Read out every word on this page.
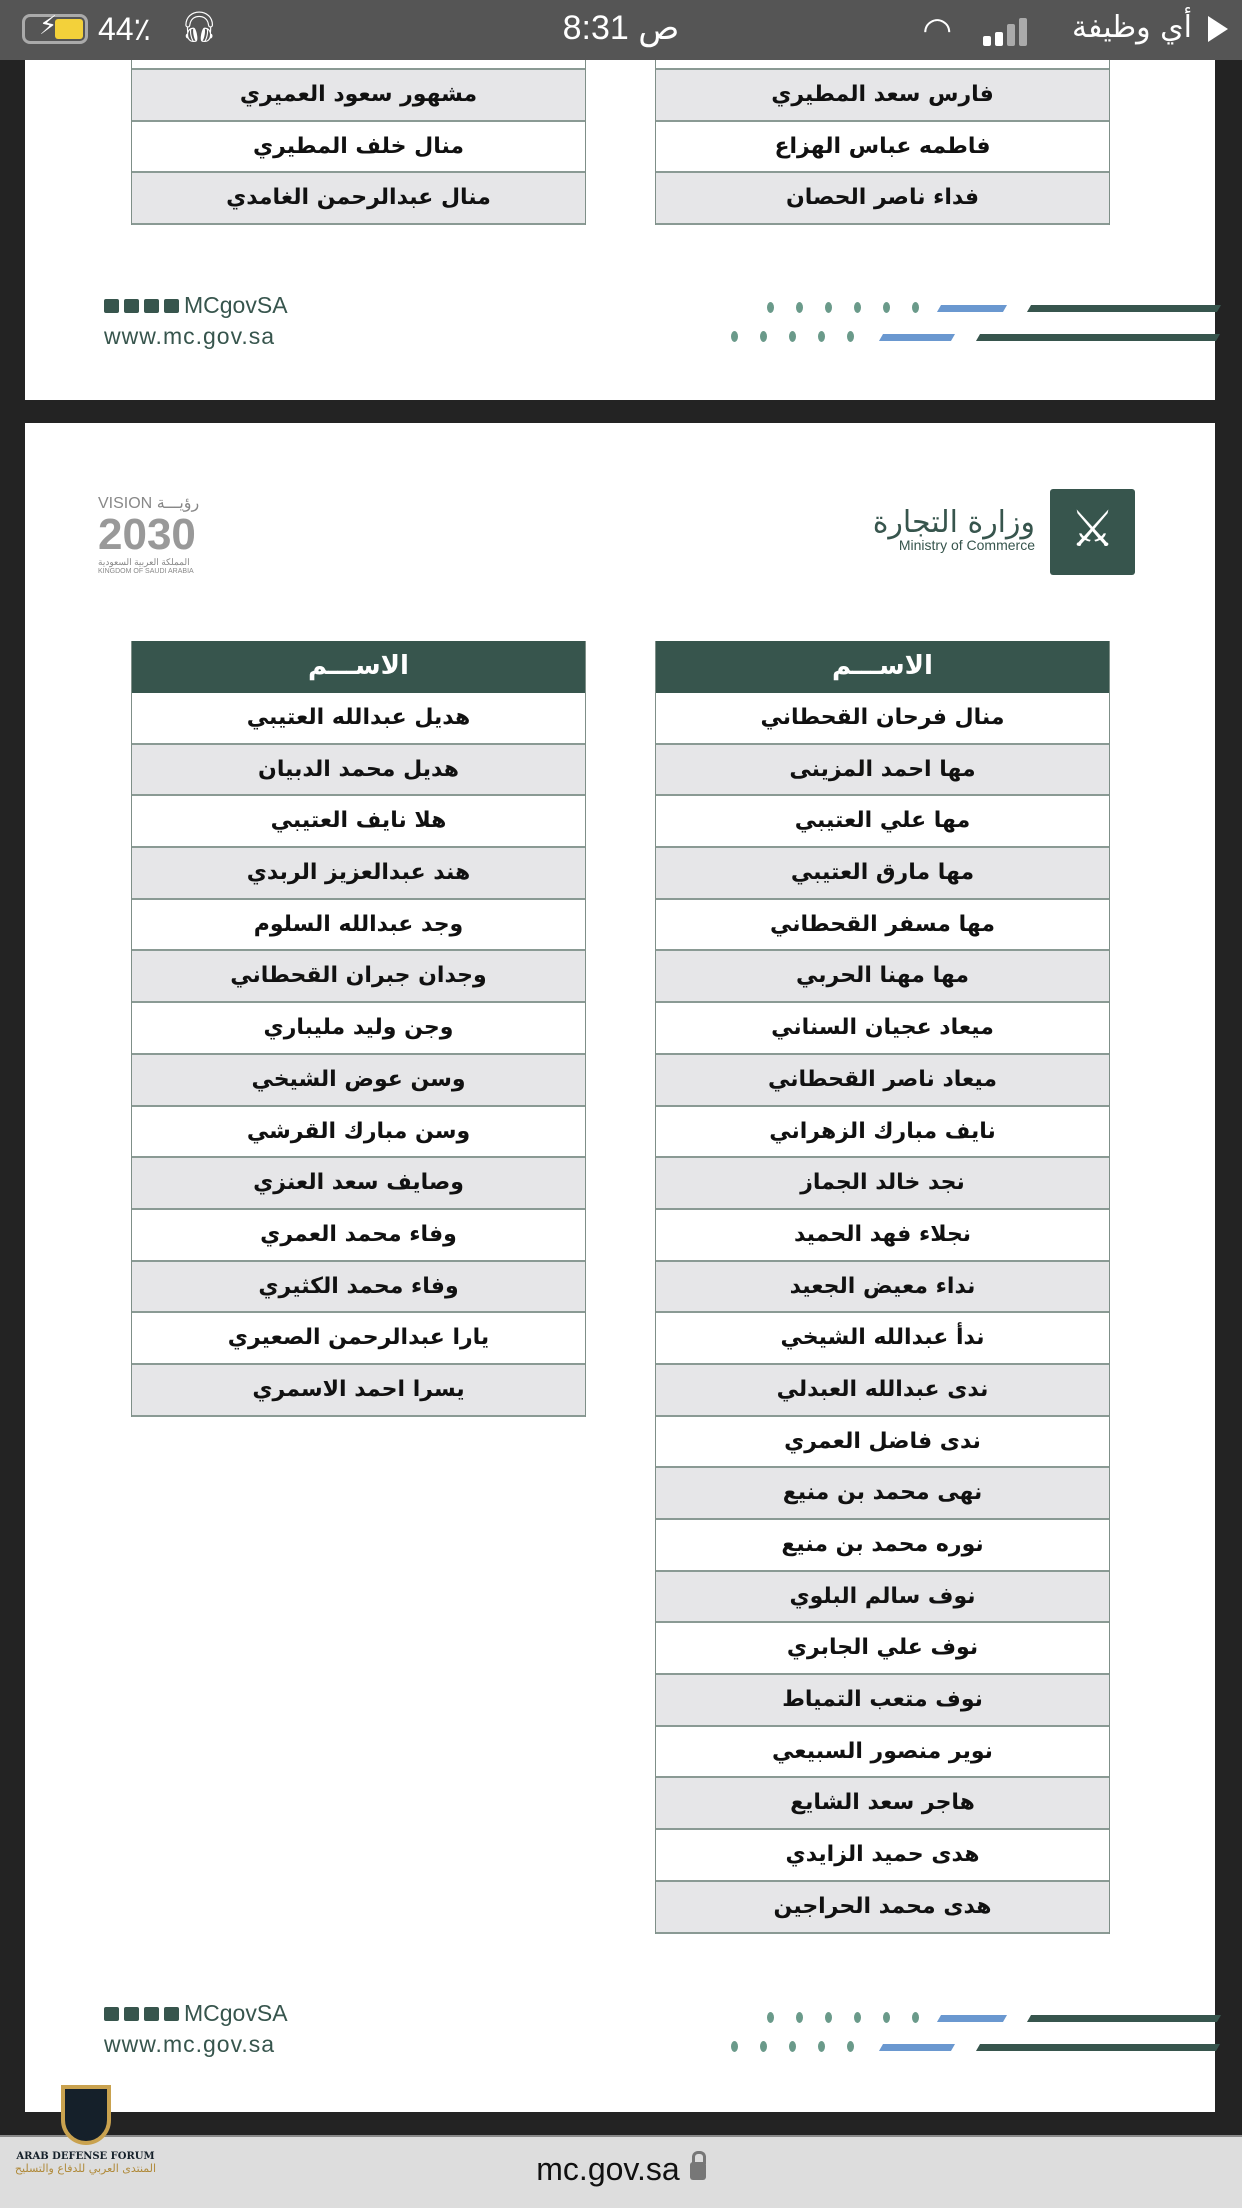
⚡ 44٪ 🎧︎	8:31 ص	◠	أي وظيفة
مشهور سعود العميري
منال خلف المطيري
منال عبدالرحمن الغامدي
فارس سعد المطيري
فاطمه عباس الهزاع
فداء ناصر الحصان
MCgovSA
www.mc.gov.sa
⚔
وزارة التجارة
Ministry of Commerce
VISION رؤيـــة
2030
المملكة العربية السعودية
KINGDOM OF SAUDI ARABIA
الاســـم
هديل عبدالله العتيبي
هديل محمد الدبيان
هلا نايف العتيبي
هند عبدالعزيز الربدي
وجد عبدالله السلوم
وجدان جبران القحطاني
وجن وليد مليباري
وسن عوض الشيخي
وسن مبارك القرشي
وصايف سعد العنزي
وفاء محمد العمري
وفاء محمد الكثيري
يارا عبدالرحمن الصعيري
يسرا احمد الاسمري
الاســـم
منال فرحان القحطاني
مها احمد المزينى
مها علي العتيبي
مها مارق العتيبي
مها مسفر القحطاني
مها مهنا الحربي
ميعاد عجيان السناني
ميعاد ناصر القحطاني
نايف مبارك الزهراني
نجد خالد الجماز
نجلاء فهد الحميد
نداء معيض الجعيد
ندأ عبدالله الشيخي
ندى عبدالله العبدلي
ندى فاضل العمري
نهى محمد بن منيع
نوره محمد بن منيع
نوف سالم البلوي
نوف علي الجابري
نوف متعب التمياط
نوير منصور السبيعي
هاجر سعد الشايع
هدى حميد الزايدي
هدى محمد الحراجين
MCgovSA
www.mc.gov.sa
mc.gov.sa
ARAB DEFENSE FORUM
المنتدى العربي للدفاع والتسليح
